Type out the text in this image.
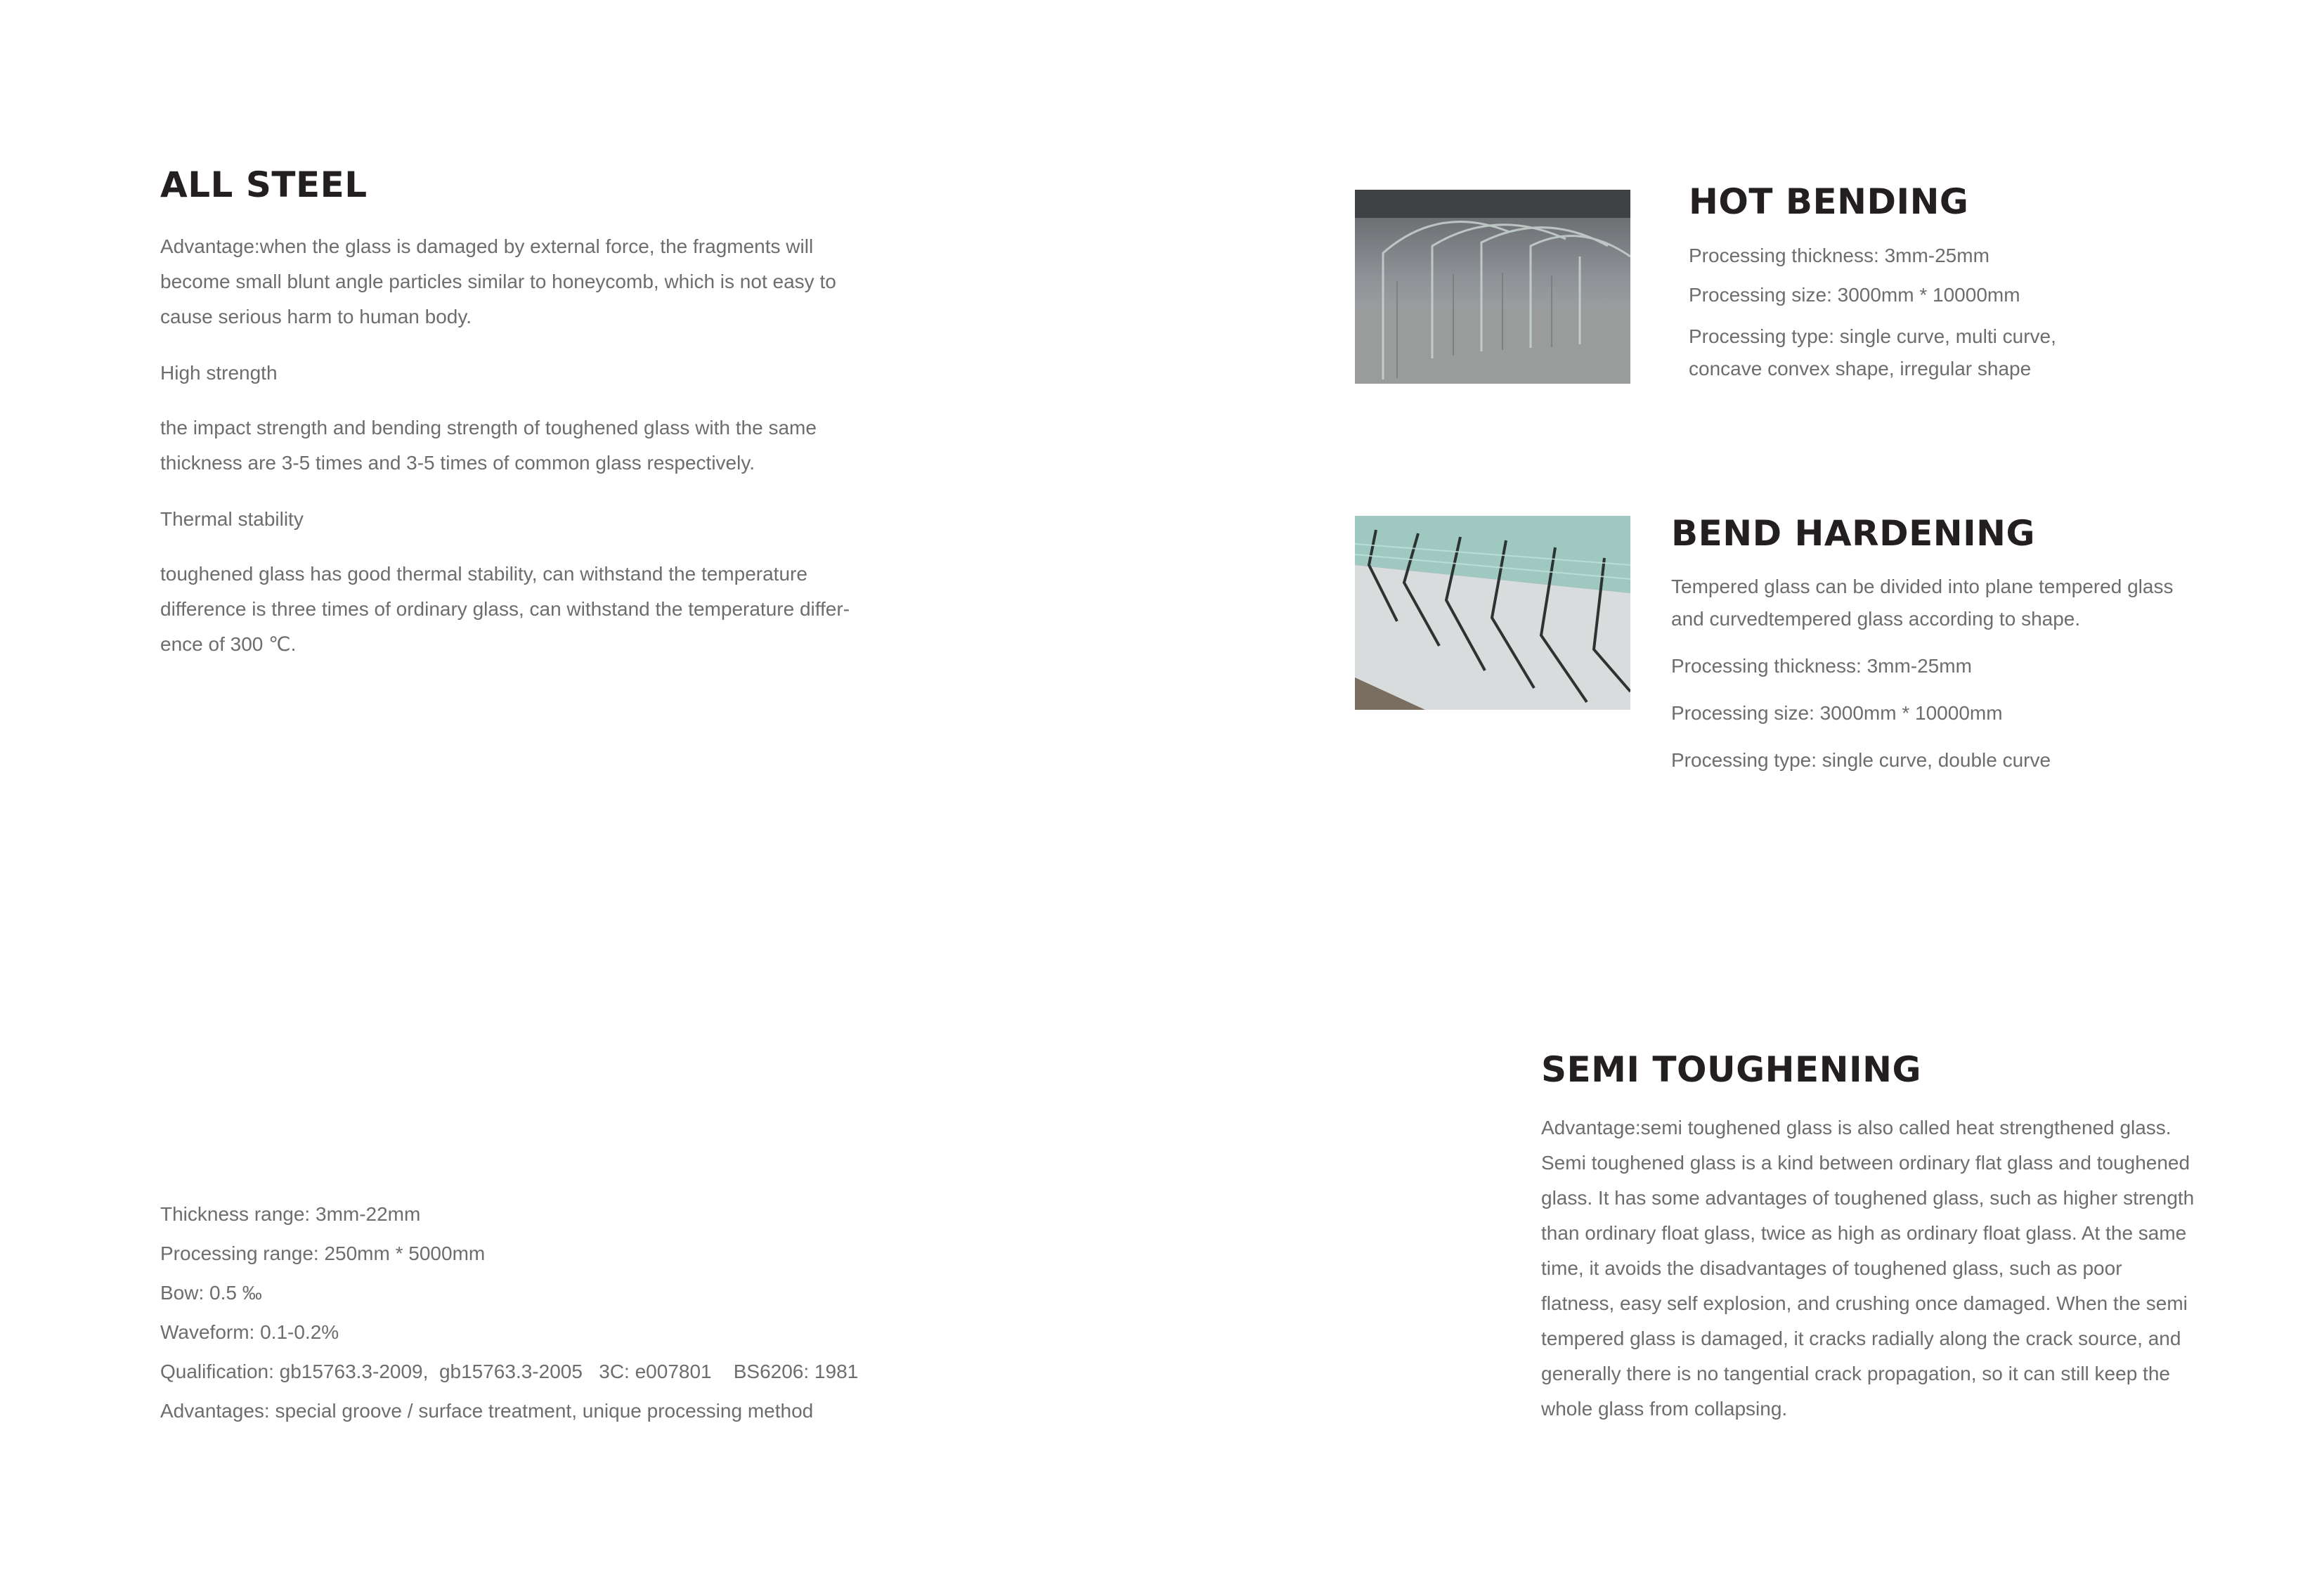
ALL STEEL

Advantage:when the glass is damaged by external force, the fragments will become small blunt angle particles similar to honeycomb, which is not easy to cause serious harm to human body.

High strength

the impact strength and bending strength of toughened glass with the same thickness are 3-5 times and 3-5 times of common glass respectively.

Thermal stability

toughened glass has good thermal stability, can withstand the temperature difference is three times of ordinary glass, can withstand the temperature differ-ence of 300 ℃.

Thickness range: 3mm-22mm

Processing range: 250mm * 5000mm

Bow: 0.5 ‰

Waveform: 0.1-0.2%

Qualification: gb15763.3-2009,  gb15763.3-2005   3C: e007801    BS6206: 1981

Advantages: special groove / surface treatment, unique processing method

HOT BENDING

Processing thickness: 3mm-25mm

Processing size: 3000mm * 10000mm

Processing type: single curve, multi curve, concave convex shape, irregular shape

BEND HARDENING

Tempered glass can be divided into plane tempered glass and curvedtempered glass according to shape.

Processing thickness: 3mm-25mm

Processing size: 3000mm * 10000mm

Processing type: single curve, double curve

SEMI TOUGHENING

Advantage:semi toughened glass is also called heat strengthened glass. Semi toughened glass is a kind between ordinary flat glass and toughened glass. It has some advantages of toughened glass, such as higher strength than ordinary float glass, twice as high as ordinary float glass. At the same time, it avoids the disadvantages of toughened glass, such as poor flatness, easy self explosion, and crushing once damaged. When the semi tempered glass is damaged, it cracks radially along the crack source, and generally there is no tangential crack propagation, so it can still keep the whole glass from collapsing.
